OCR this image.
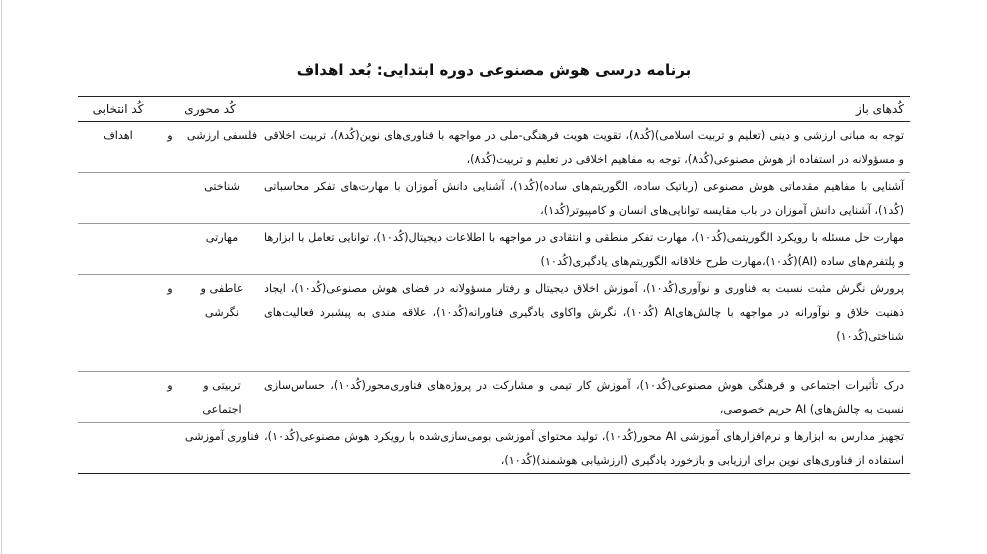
برنامه درسی هوش مصنوعی دوره ابتدایی: بُعد اهداف
کُدهای باز
کُد محوری
کُد انتخابی
توجه به مبانی ارزشی و دینی (تعلیم و تربیت اسلامی)(کُد۸)، تقویت هویت فرهنگی-ملی در مواجهه با فناوری‌های نوین(کُد۸)، تربیت اخلاقی و مسؤولانه در استفاده از هوش مصنوعی(کُد۸)، توجه به مفاهیم اخلاقی در تعلیم و تربیت(کُد۸)،
فلسفی ارزشی
و
اهداف
آشنایی با مفاهیم مقدماتی هوش مصنوعی (رباتیک ساده، الگوریتم‌های ساده)(کُد۱)، آشنایی دانش آموزان با مهارت‌های تفکر محاسباتی (کُد۱)، آشنایی دانش آموزان در باب مقایسه توانایی‌های انسان و کامپیوتر(کُد۱)،
شناختی
مهارت حل مسئله با رویکرد الگوریتمی(کُد۱۰)، مهارت تفکر منطقی و انتقادی در مواجهه با اطلاعات دیجیتال(کُد۱۰)، توانایی تعامل با ابزارها و پلتفرم‌های ساده (AI)(کُد۱۰)،مهارت طرح خلاقانه الگوریتم‌های یادگیری(کُد۱۰)
مهارتی
پرورش نگرش مثبت نسبت به فناوری و نوآوری(کُد۱۰)، آموزش اخلاق دیجیتال و رفتار مسؤولانه در فضای هوش مصنوعی(کُد۱۰)، ایجاد ذهنیت خلاق و نوآورانه در مواجهه با چالش‌هایAI (کُد۱۰)، نگرش واکاوی یادگیری فناورانه(کُد۱۰)، علاقه مندی به پیشبرد فعالیت‌های شناختی(کُد۱۰)
عاطفی و نگرشی
و
درک تأثیرات اجتماعی و فرهنگی هوش مصنوعی(کُد۱۰)، آموزش کار تیمی و مشارکت در پروژه‌های فناوری‌محور(کُد۱۰)، حساس‌سازی نسبت به چالش‌های) AI حریم خصوصی،
تربیتی و اجتماعی
و
تجهیز مدارس به ابزارها و نرم‌افزارهای آموزشی AI محور(کُد۱۰)، تولید محتوای آموزشی بومی‌سازی‌شده با رویکرد هوش مصنوعی(کُد۱۰)، استفاده از فناوری‌های نوین برای ارزیابی و بازخورد یادگیری (ارزشیابی هوشمند)(کُد۱۰)،
فناوری آموزشی
